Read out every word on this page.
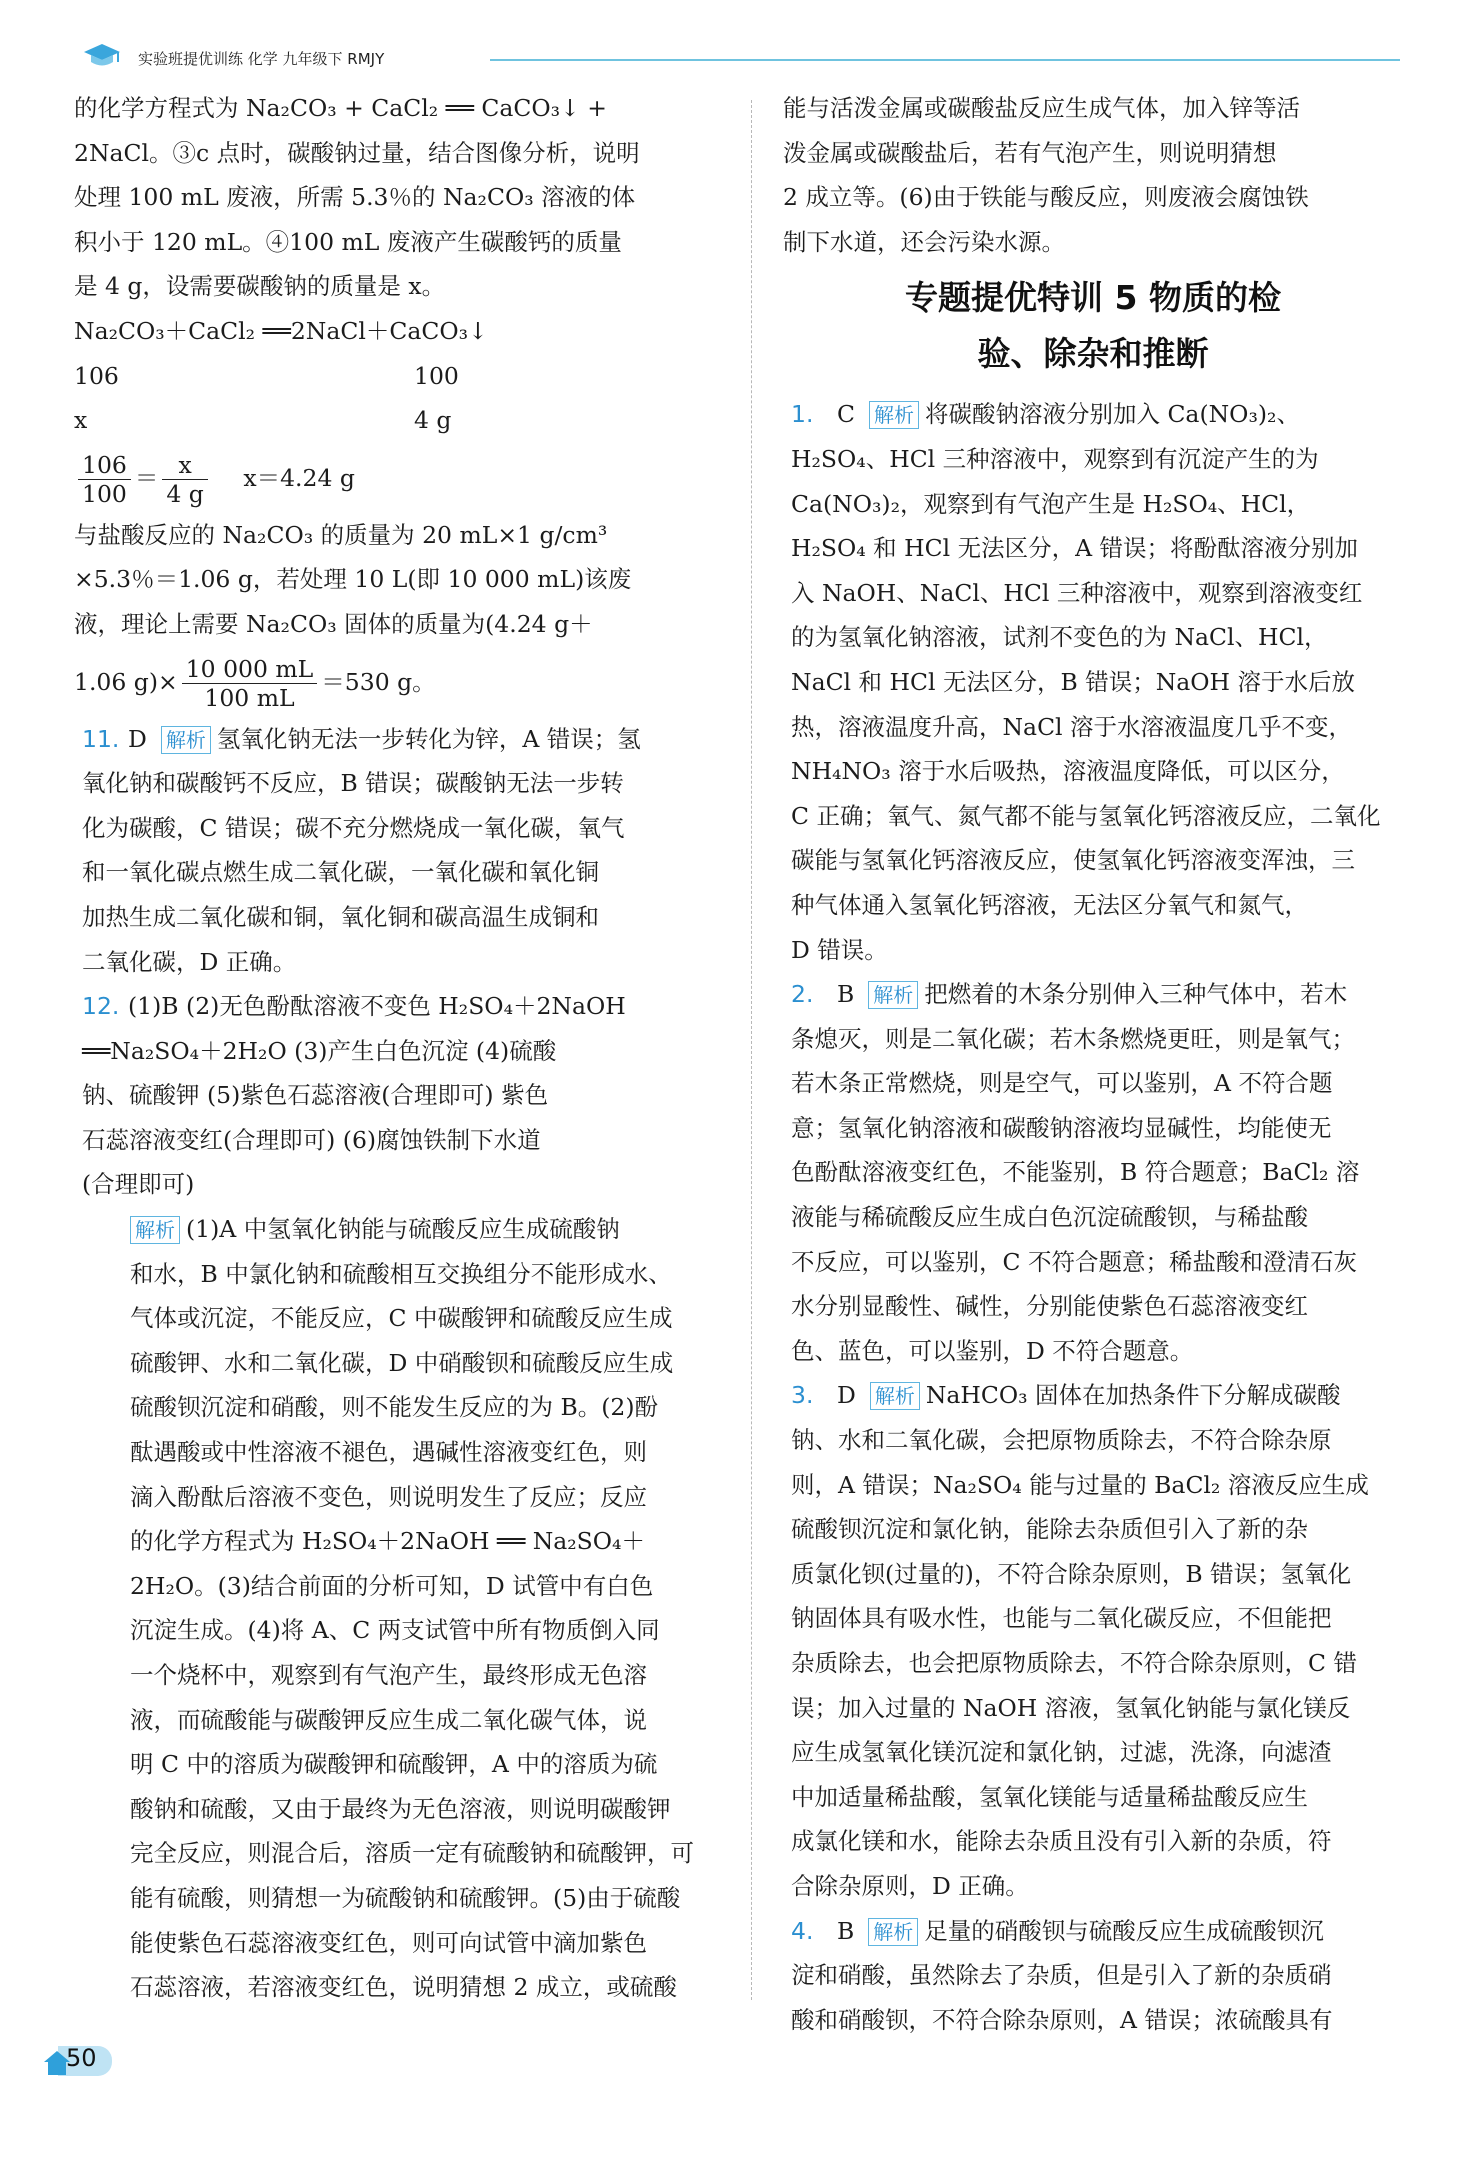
实验班提优训练 化学 九年级下 RMJY
的化学方程式为 Na₂CO₃ + CaCl₂ ══ CaCO₃↓ +
2NaCl。③c 点时，碳酸钠过量，结合图像分析，说明
处理 100 mL 废液，所需 5.3％的 Na₂CO₃ 溶液的体
积小于 120 mL。④100 mL 废液产生碳酸钙的质量
是 4 g，设需要碳酸钠的质量是 x。
Na₂CO₃＋CaCl₂ ══2NaCl＋CaCO₃↓
106	100
x	4 g
$\frac{106}{100} = \frac{x}{4 g} x=4.24$ g
与盐酸反应的 Na₂CO₃ 的质量为 20 mL×1 g/cm³
×5.3％＝1.06 g，若处理 10 L(即 10 000 mL)该废
液，理论上需要 Na₂CO₃ 固体的质量为(4.24 g＋
1.06 $g)\times \frac{10 000 mL}{100 mL} =530$ g。
11. D 解析 氢氧化钠无法一步转化为锌，A 错误；氢
氧化钠和碳酸钙不反应，B 错误；碳酸钠无法一步转
化为碳酸，C 错误；碳不充分燃烧成一氧化碳，氧气
和一氧化碳点燃生成二氧化碳，一氧化碳和氧化铜
加热生成二氧化碳和铜，氧化铜和碳高温生成铜和
二氧化碳，D 正确。
12. (1)B (2)无色酚酞溶液不变色 H₂SO₄＋2NaOH
══Na₂SO₄＋2H₂O (3)产生白色沉淀 (4)硫酸
钠、硫酸钾 (5)紫色石蕊溶液(合理即可) 紫色
石蕊溶液变红(合理即可) (6)腐蚀铁制下水道
(合理即可)
解析 (1)A 中氢氧化钠能与硫酸反应生成硫酸钠
和水，B 中氯化钠和硫酸相互交换组分不能形成水、
气体或沉淀，不能反应，C 中碳酸钾和硫酸反应生成
硫酸钾、水和二氧化碳，D 中硝酸钡和硫酸反应生成
硫酸钡沉淀和硝酸，则不能发生反应的为 B。(2)酚
酞遇酸或中性溶液不褪色，遇碱性溶液变红色，则
滴入酚酞后溶液不变色，则说明发生了反应；反应
的化学方程式为 H₂SO₄＋2NaOH ══ Na₂SO₄＋
2H₂O。(3)结合前面的分析可知，D 试管中有白色
沉淀生成。(4)将 A、C 两支试管中所有物质倒入同
一个烧杯中，观察到有气泡产生，最终形成无色溶
液，而硫酸能与碳酸钾反应生成二氧化碳气体，说
明 C 中的溶质为碳酸钾和硫酸钾，A 中的溶质为硫
酸钠和硫酸，又由于最终为无色溶液，则说明碳酸钾
完全反应，则混合后，溶质一定有硫酸钠和硫酸钾，可
能有硫酸，则猜想一为硫酸钠和硫酸钾。(5)由于硫酸
能使紫色石蕊溶液变红色，则可向试管中滴加紫色
石蕊溶液，若溶液变红色，说明猜想 2 成立，或硫酸
能与活泼金属或碳酸盐反应生成气体，加入锌等活
泼金属或碳酸盐后，若有气泡产生，则说明猜想
2 成立等。(6)由于铁能与酸反应，则废液会腐蚀铁
制下水道，还会污染水源。
专题提优特训 5 物质的检
验、除杂和推断
1. C 解析 将碳酸钠溶液分别加入 Ca(NO₃)₂、
H₂SO₄、HCl 三种溶液中，观察到有沉淀产生的为
Ca(NO₃)₂，观察到有气泡产生是 H₂SO₄、HCl，
H₂SO₄ 和 HCl 无法区分，A 错误；将酚酞溶液分别加
入 NaOH、NaCl、HCl 三种溶液中，观察到溶液变红
的为氢氧化钠溶液，试剂不变色的为 NaCl、HCl，
NaCl 和 HCl 无法区分，B 错误；NaOH 溶于水后放
热，溶液温度升高，NaCl 溶于水溶液温度几乎不变，
NH₄NO₃ 溶于水后吸热，溶液温度降低，可以区分，
C 正确；氧气、氮气都不能与氢氧化钙溶液反应，二氧化
碳能与氢氧化钙溶液反应，使氢氧化钙溶液变浑浊，三
种气体通入氢氧化钙溶液，无法区分氧气和氮气，
D 错误。
2. B 解析 把燃着的木条分别伸入三种气体中，若木
条熄灭，则是二氧化碳；若木条燃烧更旺，则是氧气；
若木条正常燃烧，则是空气，可以鉴别，A 不符合题
意；氢氧化钠溶液和碳酸钠溶液均显碱性，均能使无
色酚酞溶液变红色，不能鉴别，B 符合题意；BaCl₂ 溶
液能与稀硫酸反应生成白色沉淀硫酸钡，与稀盐酸
不反应，可以鉴别，C 不符合题意；稀盐酸和澄清石灰
水分别显酸性、碱性，分别能使紫色石蕊溶液变红
色、蓝色，可以鉴别，D 不符合题意。
3. D 解析 NaHCO₃ 固体在加热条件下分解成碳酸
钠、水和二氧化碳，会把原物质除去，不符合除杂原
则，A 错误；Na₂SO₄ 能与过量的 BaCl₂ 溶液反应生成
硫酸钡沉淀和氯化钠，能除去杂质但引入了新的杂
质氯化钡(过量的)，不符合除杂原则，B 错误；氢氧化
钠固体具有吸水性，也能与二氧化碳反应，不但能把
杂质除去，也会把原物质除去，不符合除杂原则，C 错
误；加入过量的 NaOH 溶液，氢氧化钠能与氯化镁反
应生成氢氧化镁沉淀和氯化钠，过滤，洗涤，向滤渣
中加适量稀盐酸，氢氧化镁能与适量稀盐酸反应生
成氯化镁和水，能除去杂质且没有引入新的杂质，符
合除杂原则，D 正确。
4. B 解析 足量的硝酸钡与硫酸反应生成硫酸钡沉
淀和硝酸，虽然除去了杂质，但是引入了新的杂质硝
酸和硝酸钡，不符合除杂原则，A 错误；浓硫酸具有
50
